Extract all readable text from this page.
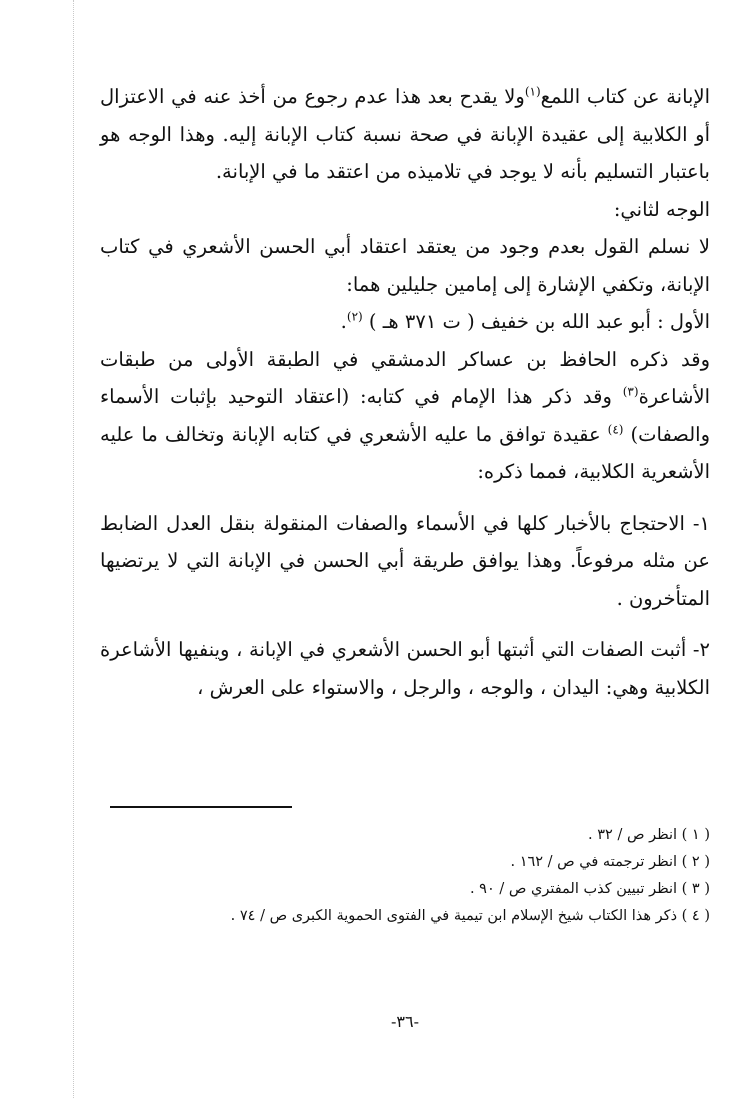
الإبانة عن كتاب اللمع$^{(١)}$ولا يقدح بعد هذا عدم رجوع من أخذ عنه في الاعتزال أو الكلابية إلى عقيدة الإبانة في صحة نسبة كتاب الإبانة إليه. وهذا الوجه هو باعتبار التسليم بأنه لا يوجد في تلاميذه من اعتقد ما في الإبانة.

الوجه لثاني:

لا نسلم القول بعدم وجود من يعتقد اعتقاد أبي الحسن الأشعري في كتاب الإبانة، وتكفي الإشارة إلى إمامين جليلين هما:

الأول : أبو عبد الله بن خفيف ( ت ٣٧١ هـ ) $^{(٢)}$.

وقد ذكره الحافظ بن عساكر الدمشقي في الطبقة الأولى من طبقات الأشاعرة$^{(٣)}$ وقد ذكر هذا الإمام في كتابه: (اعتقاد التوحيد بإثبات الأسماء والصفات) $^{(٤)}$ عقيدة توافق ما عليه الأشعري في كتابه الإبانة وتخالف ما عليه الأشعرية الكلابية، فمما ذكره:

١- الاحتجاج بالأخبار كلها في الأسماء والصفات المنقولة بنقل العدل الضابط عن مثله مرفوعاً. وهذا يوافق طريقة أبي الحسن في الإبانة التي لا يرتضيها المتأخرون .

٢- أثبت الصفات التي أثبتها أبو الحسن الأشعري في الإبانة ، وينفيها الأشاعرة الكلابية وهي: اليدان ، والوجه ، والرجل ، والاستواء على العرش ،

( ١ ) انظر ص / ٣٢ .

( ٢ ) انظر ترجمته في ص / ١٦٢ .

( ٣ ) انظر تبيين كذب المفتري ص / ٩٠ .

( ٤ ) ذكر هذا الكتاب شيخ الإسلام ابن تيمية في الفتوى الحموية الكبرى ص / ٧٤ .

-٣٦-
